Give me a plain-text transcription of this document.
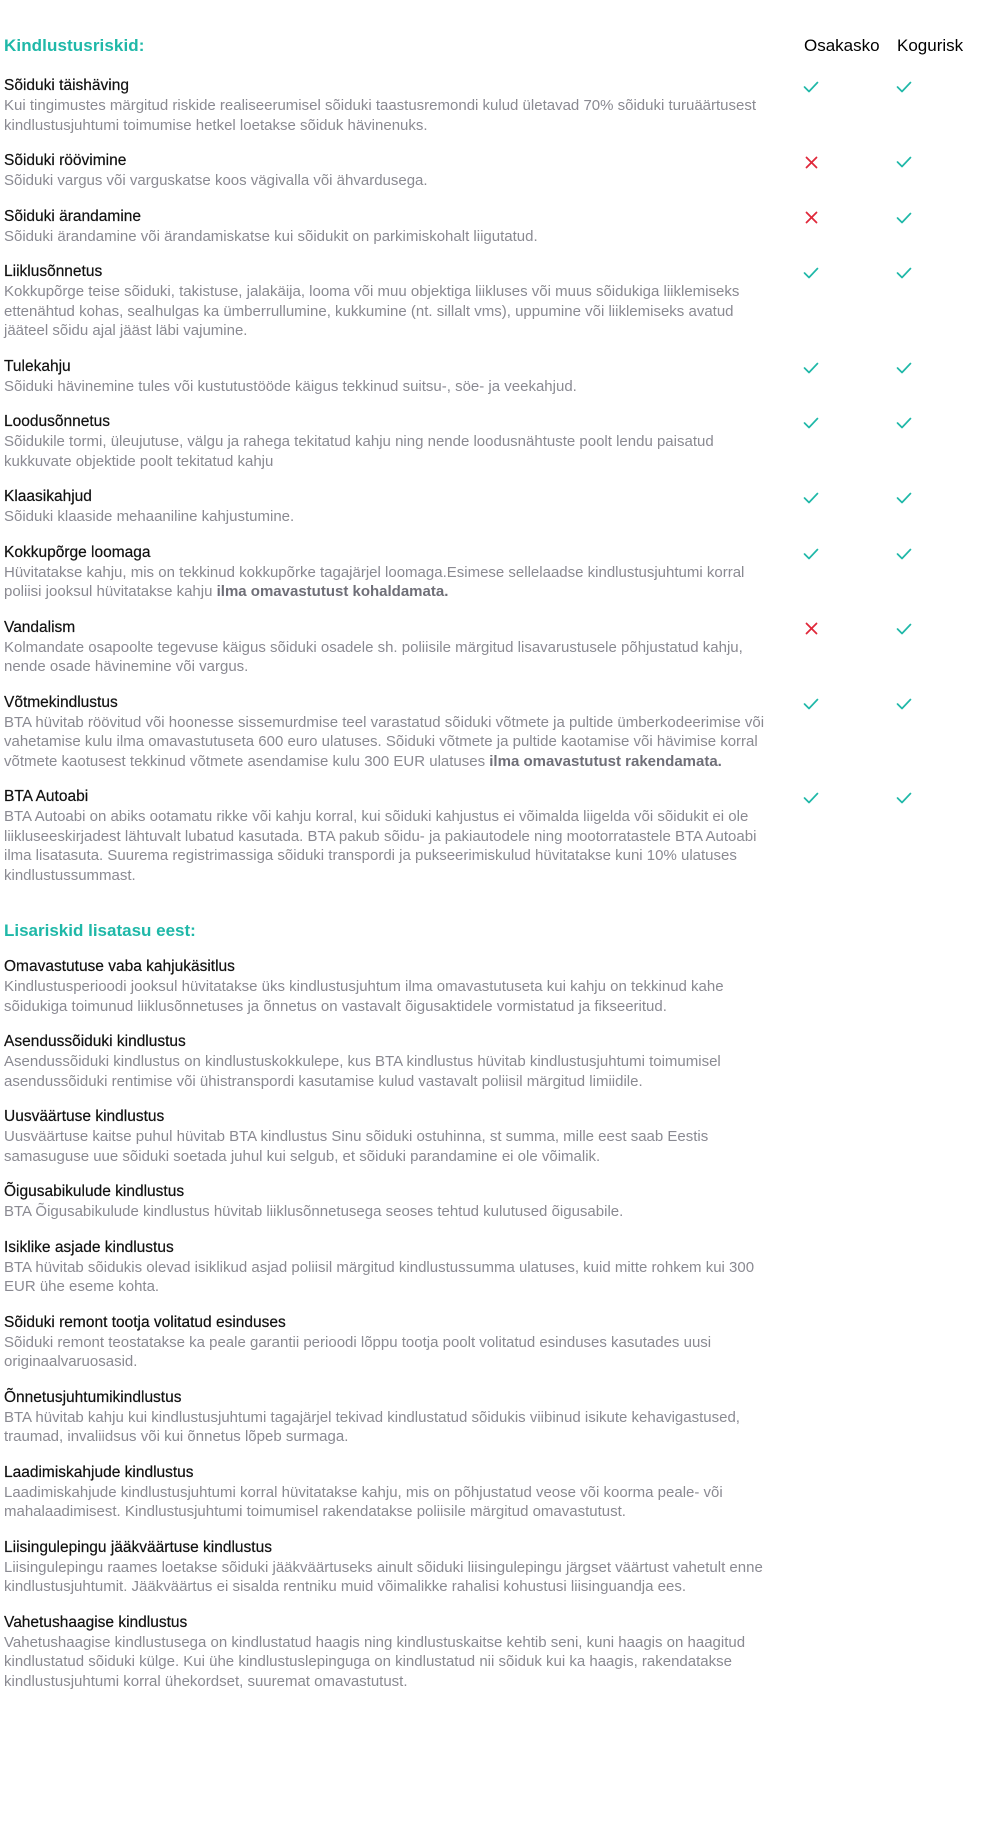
Kindlustusriskid:	Osakasko Kogurisk
Sõiduki täishäving
Kui tingimustes märgitud riskide realiseerumisel sõiduki taastusremondi kulud ületavad 70% sõiduki turuäärtusest kindlustusjuhtumi toimumise hetkel loetakse sõiduk hävinenuks.
Sõiduki röövimine
Sõiduki vargus või varguskatse koos vägivalla või ähvardusega.
Sõiduki ärandamine
Sõiduki ärandamine või ärandamiskatse kui sõidukit on parkimiskohalt liigutatud.
Liiklusõnnetus
Kokkupõrge teise sõiduki, takistuse, jalakäija, looma või muu objektiga liikluses või muus sõidukiga liiklemiseks ettenähtud kohas, sealhulgas ka ümberrullumine, kukkumine (nt. sillalt vms), uppumine või liiklemiseks avatud jääteel sõidu ajal jääst läbi vajumine.
Tulekahju
Sõiduki hävinemine tules või kustutustööde käigus tekkinud suitsu-, söe- ja veekahjud.
Loodusõnnetus
Sõidukile tormi, üleujutuse, välgu ja rahega tekitatud kahju ning nende loodusnähtuste poolt lendu paisatud kukkuvate objektide poolt tekitatud kahju
Klaasikahjud
Sõiduki klaaside mehaaniline kahjustumine.
Kokkupõrge loomaga
Hüvitatakse kahju, mis on tekkinud kokkupõrke tagajärjel loomaga.Esimese sellelaadse kindlustusjuhtumi korral poliisi jooksul hüvitatakse kahju ilma omavastutust kohaldamata.
Vandalism
Kolmandate osapoolte tegevuse käigus sõiduki osadele sh. poliisile märgitud lisavarustusele põhjustatud kahju, nende osade hävinemine või vargus.
Võtmekindlustus
BTA hüvitab röövitud või hoonesse sissemurdmise teel varastatud sõiduki võtmete ja pultide ümberkodeerimise või vahetamise kulu ilma omavastutuseta 600 euro ulatuses. Sõiduki võtmete ja pultide kaotamise või hävimise korral võtmete kaotusest tekkinud võtmete asendamise kulu 300 EUR ulatuses ilma omavastutust rakendamata.
BTA Autoabi
BTA Autoabi on abiks ootamatu rikke või kahju korral, kui sõiduki kahjustus ei võimalda liigelda või sõidukit ei ole liikluseeskirjadest lähtuvalt lubatud kasutada. BTA pakub sõidu- ja pakiautodele ning mootorratastele BTA Autoabi ilma lisatasuta. Suurema registrimassiga sõiduki transpordi ja pukseerimiskulud hüvitatakse kuni 10% ulatuses kindlustussummast.
Lisariskid lisatasu eest:
Omavastutuse vaba kahjukäsitlus
Kindlustusperioodi jooksul hüvitatakse üks kindlustusjuhtum ilma omavastutuseta kui kahju on tekkinud kahe sõidukiga toimunud liiklusõnnetuses ja õnnetus on vastavalt õigusaktidele vormistatud ja fikseeritud.
Asendussõiduki kindlustus
Asendussõiduki kindlustus on kindlustuskokkulepe, kus BTA kindlustus hüvitab kindlustusjuhtumi toimumisel asendussõiduki rentimise või ühistranspordi kasutamise kulud vastavalt poliisil märgitud limiidile.
Uusväärtuse kindlustus
Uusväärtuse kaitse puhul hüvitab BTA kindlustus Sinu sõiduki ostuhinna, st summa, mille eest saab Eestis samasuguse uue sõiduki soetada juhul kui selgub, et sõiduki parandamine ei ole võimalik.
Õigusabikulude kindlustus
BTA Õigusabikulude kindlustus hüvitab liiklusõnnetusega seoses tehtud kulutused õigusabile.
Isiklike asjade kindlustus
BTA hüvitab sõidukis olevad isiklikud asjad poliisil märgitud kindlustussumma ulatuses, kuid mitte rohkem kui 300 EUR ühe eseme kohta.
Sõiduki remont tootja volitatud esinduses
Sõiduki remont teostatakse ka peale garantii perioodi lõppu tootja poolt volitatud esinduses kasutades uusi originaalvaruosasid.
Õnnetusjuhtumikindlustus
BTA hüvitab kahju kui kindlustusjuhtumi tagajärjel tekivad kindlustatud sõidukis viibinud isikute kehavigastused, traumad, invaliidsus või kui õnnetus lõpeb surmaga.
Laadimiskahjude kindlustus
Laadimiskahjude kindlustusjuhtumi korral hüvitatakse kahju, mis on põhjustatud veose või koorma peale- või mahalaadimisest. Kindlustusjuhtumi toimumisel rakendatakse poliisile märgitud omavastutust.
Liisingulepingu jääkväärtuse kindlustus
Liisingulepingu raames loetakse sõiduki jääkväärtuseks ainult sõiduki liisingulepingu järgset väärtust vahetult enne kindlustusjuhtumit. Jääkväärtus ei sisalda rentniku muid võimalikke rahalisi kohustusi liisinguandja ees.
Vahetushaagise kindlustus
Vahetushaagise kindlustusega on kindlustatud haagis ning kindlustuskaitse kehtib seni, kuni haagis on haagitud kindlustatud sõiduki külge. Kui ühe kindlustuslepinguga on kindlustatud nii sõiduk kui ka haagis, rakendatakse kindlustusjuhtumi korral ühekordset, suuremat omavastutust.
